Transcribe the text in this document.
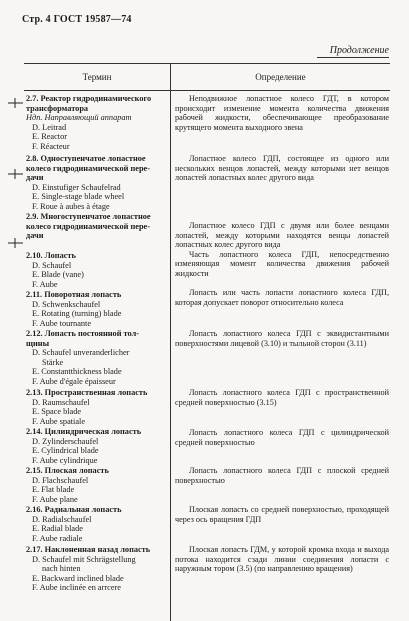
Стр. 4 ГОСТ 19587—74
Продолжение
Термин	Определение
2.7. Реактор гидродинамического
трансформатора
Ндп. Направляющий аппарат
D. Leitrad
E. Reactor
F. Réacteur

Неподвижное лопастное колесо ГДТ, в котором происходит изменение момента количества движения рабочей жидкости, обеспечивающее преобразование крутящего момента выходного звена

2.8. Одноступенчатое лопастное
колесо гидродинамической пере-
дачи
D. Einstufiger Schaufelrad
E. Single-stage blade wheel
F. Roue à aubes à étage

Лопастное колесо ГДП, состоящее из одного или нескольких венцов лопастей, между которыми нет венцов лопастей лопастных колес другого вида

2.9. Многоступенчатое лопастное
колесо гидродинамической пере-
дачи

Лопастное колесо ГДП с двумя или более венцами лопастей, между которыми находятся венцы лопастей лопастных колес другого вида

Часть лопастного колеса ГДП, непосредственно изменяющая момент количества движения рабочей жидкости

2.10. Лопасть
D. Schaufel
E. Blade (vane)
F. Aube
2.11. Поворотная лопасть
D. Schwenkschaufel
E. Rotating (turning) blade
F. Aube tournante

Лопасть или часть лопасти лопастного колеса ГДП, которая допускает поворот относительно колеса

2.12. Лопасть постоянной тол-
щины
D. Schaufel unveranderlicher
Stärke
E. Constantthickness blade
F. Aube d'égale épaisseur

Лопасть лопастного колеса ГДП с эквидистантными поверхностями лицевой (3.10) и тыльной сторон (3.11)

2.13. Пространственная лопасть
D. Raumschaufel
E. Space blade
F. Aube spatiale

Лопасть лопастного колеса ГДП с пространственной средней поверхностью (3.15)

2.14. Цилиндрическая лопасть
D. Zylinderschaufel
E. Cylindrical blade
F. Aube cylindrique

Лопасть лопастного колеса ГДП с цилиндрической средней поверхностью

2.15. Плоская лопасть
D. Flachschaufel
E. Flat blade
F. Aube plane

Лопасть лопастного колеса ГДП с плоской средней поверхностью

2.16. Радиальная лопасть
D. Radialschaufel
E. Radial blade
F. Aube radiale

Плоская лопасть со средней поверхностью, проходящей через ось вращения ГДП

2.17. Наклоненная назад лопасть
D. Schaufel mit Schrägstellung
nach hinten
E. Backward inclined blade
F. Aube inclinée en arrcere

Плоская лопасть ГДМ, у которой кромка входа и выхода потока находится сзади линии соединения лопасти с наружным тором (3.5) (по направлению вращения)
